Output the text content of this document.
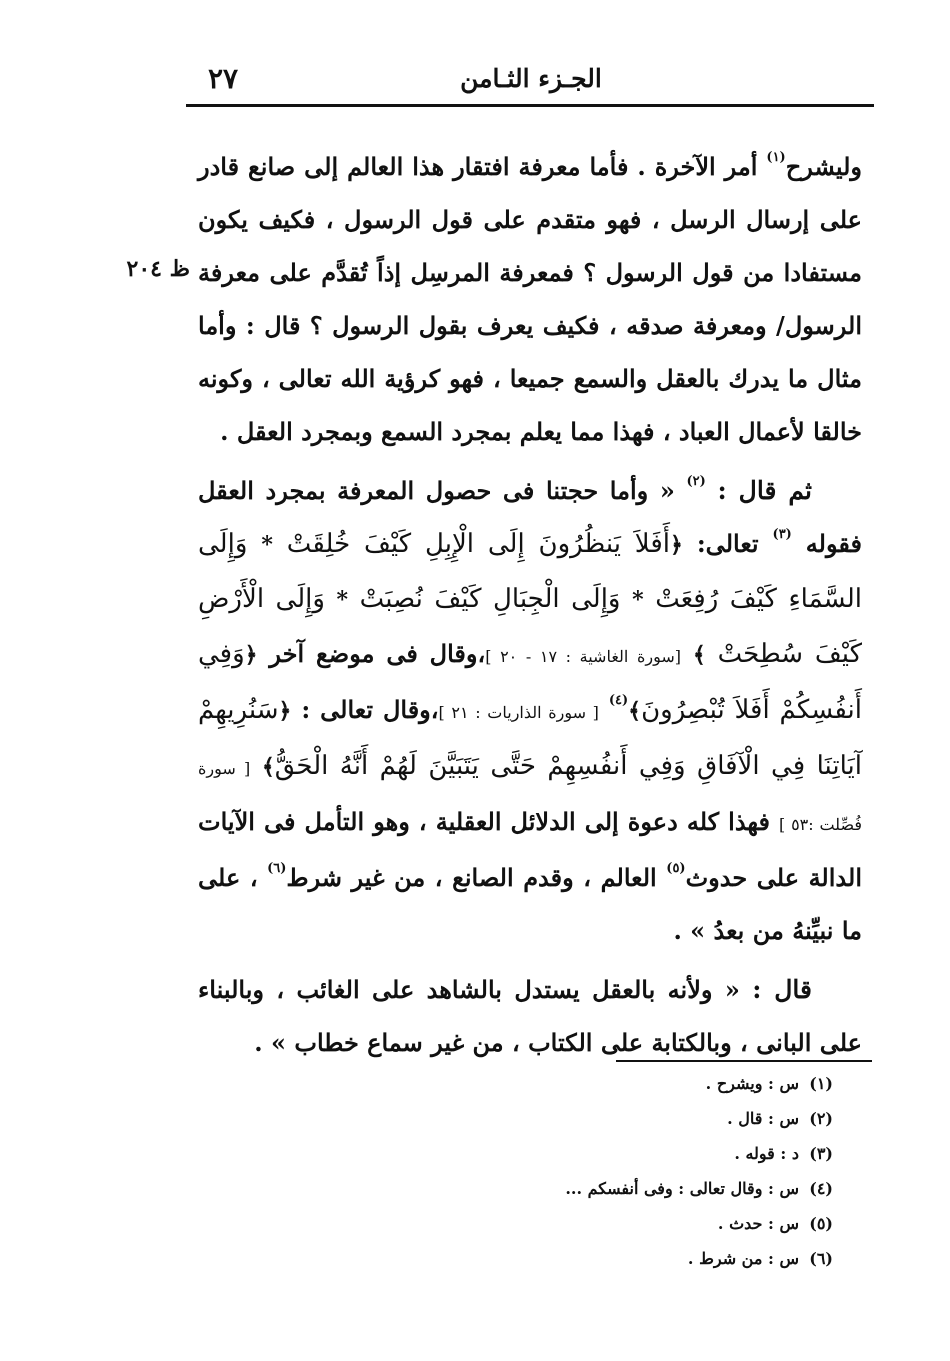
الجـزء الثـامن
٢٧
ظ ٢٠٤

وليشرح$^{(١)}$ أمر الآخرة . فأما معرفة افتقار هذا العالم إلى صانع قادر على إرسال الرسل ، فهو متقدم على قول الرسول ، فكيف يكون مستفادا من قول الرسول ؟ فمعرفة المرسِل إذاً تُقدَّم على معرفة الرسول/ ومعرفة صدقه ، فكيف يعرف بقول الرسول ؟ قال : وأما مثال ما يدرك بالعقل والسمع جميعا ، فهو كرؤية الله تعالى ، وكونه خالقا لأعمال العباد ، فهذا مما يعلم بمجرد السمع وبمجرد العقل .

ثم قال : $^{(٢)}$ « وأما حجتنا فى حصول المعرفة بمجرد العقل فقوله $^{(٣)}$ تعالى: ﴿أَفَلاَ يَنظُرُونَ إِلَى الْإِبِلِ كَيْفَ خُلِقَتْ * وَإِلَى السَّمَاءِ كَيْفَ رُفِعَتْ * وَإِلَى الْجِبَالِ كَيْفَ نُصِبَتْ * وَإِلَى الْأَرْضِ كَيْفَ سُطِحَتْ ﴾ [سورة الغاشية : ١٧ - ٢٠ ]،وقال فى موضع آخر ﴿وَفِي أَنفُسِكُمْ أَفَلاَ تُبْصِرُونَ﴾$^{(٤)}$ [ سورة الذاريات : ٢١ ]،وقال تعالى : ﴿سَنُرِيهِمْ آيَاتِنَا فِي الْآفَاقِ وَفِي أَنفُسِهِمْ حَتَّى يَتَبَيَّنَ لَهُمْ أَنَّهُ الْحَقُّ﴾ [ سورة فُصِّلت :٥٣ ] فهذا كله دعوة إلى الدلائل العقلية ، وهو التأمل فى الآيات الدالة على حدوث$^{(٥)}$ العالم ، وقدم الصانع ، من غير شرط$^{(٦)}$ ، على ما نبيِّنهُ من بعدُ » .

قال : « ولأنه بالعقل يستدل بالشاهد على الغائب ، وبالبناء على البانى ، وبالكتابة على الكتاب ، من غير سماع خطاب » .

(١)س : ويشرح .
(٢)س : قال .
(٣)د : قوله .
(٤)س : وقال تعالى : وفى أنفسكم ...
(٥)س : حدث .
(٦)س : من شرط .
